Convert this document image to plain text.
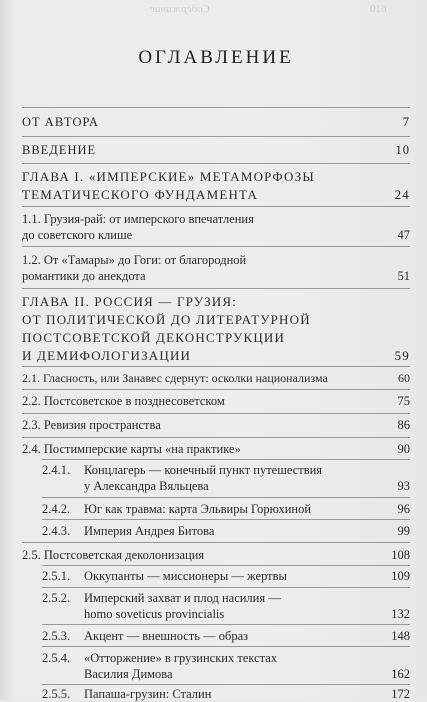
610
Содержание
ОГЛАВЛЕНИЕ
ОТ АВТОРА	7
ВВЕДЕНИЕ	10
ГЛАВА I. «ИМПЕРСКИЕ» МЕТАМОРФОЗЫ
ТЕМАТИЧЕСКОГО ФУНДАМЕНТА	24
1.1. Грузия-рай: от имперского впечатления
до советского клише	47
1.2. От «Тамары» до Гоги: от благородной
романтики до анекдота	51
ГЛАВА II. РОССИЯ — ГРУЗИЯ:
ОТ ПОЛИТИЧЕСКОЙ ДО ЛИТЕРАТУРНОЙ
ПОСТСОВЕТСКОЙ ДЕКОНСТРУКЦИИ
И ДЕМИФОЛОГИЗАЦИИ	59
2.1. Гласность, или Занавес сдернут: осколки национализма	60
2.2. Постсоветское в позднесоветском	75
2.3. Ревизия пространства	86
2.4. Постимперские карты «на практике»	90
2.4.1. Концлагерь — конечный пункт путешествия
у Александра Вяльцева	93
2.4.2. Юг как травма: карта Эльвиры Горюхиной	96
2.4.3. Империя Андрея Битова	99
2.5. Постсоветская деколонизация	108
2.5.1. Оккупанты — миссионеры — жертвы	109
2.5.2. Имперский захват и плод насилия —
homo soveticus provincialis	132
2.5.3. Акцент — внешность — образ	148
2.5.4. «Отторжение» в грузинских текстах
Василия Димова	162
2.5.5. Папаша-грузин: Сталин	172
